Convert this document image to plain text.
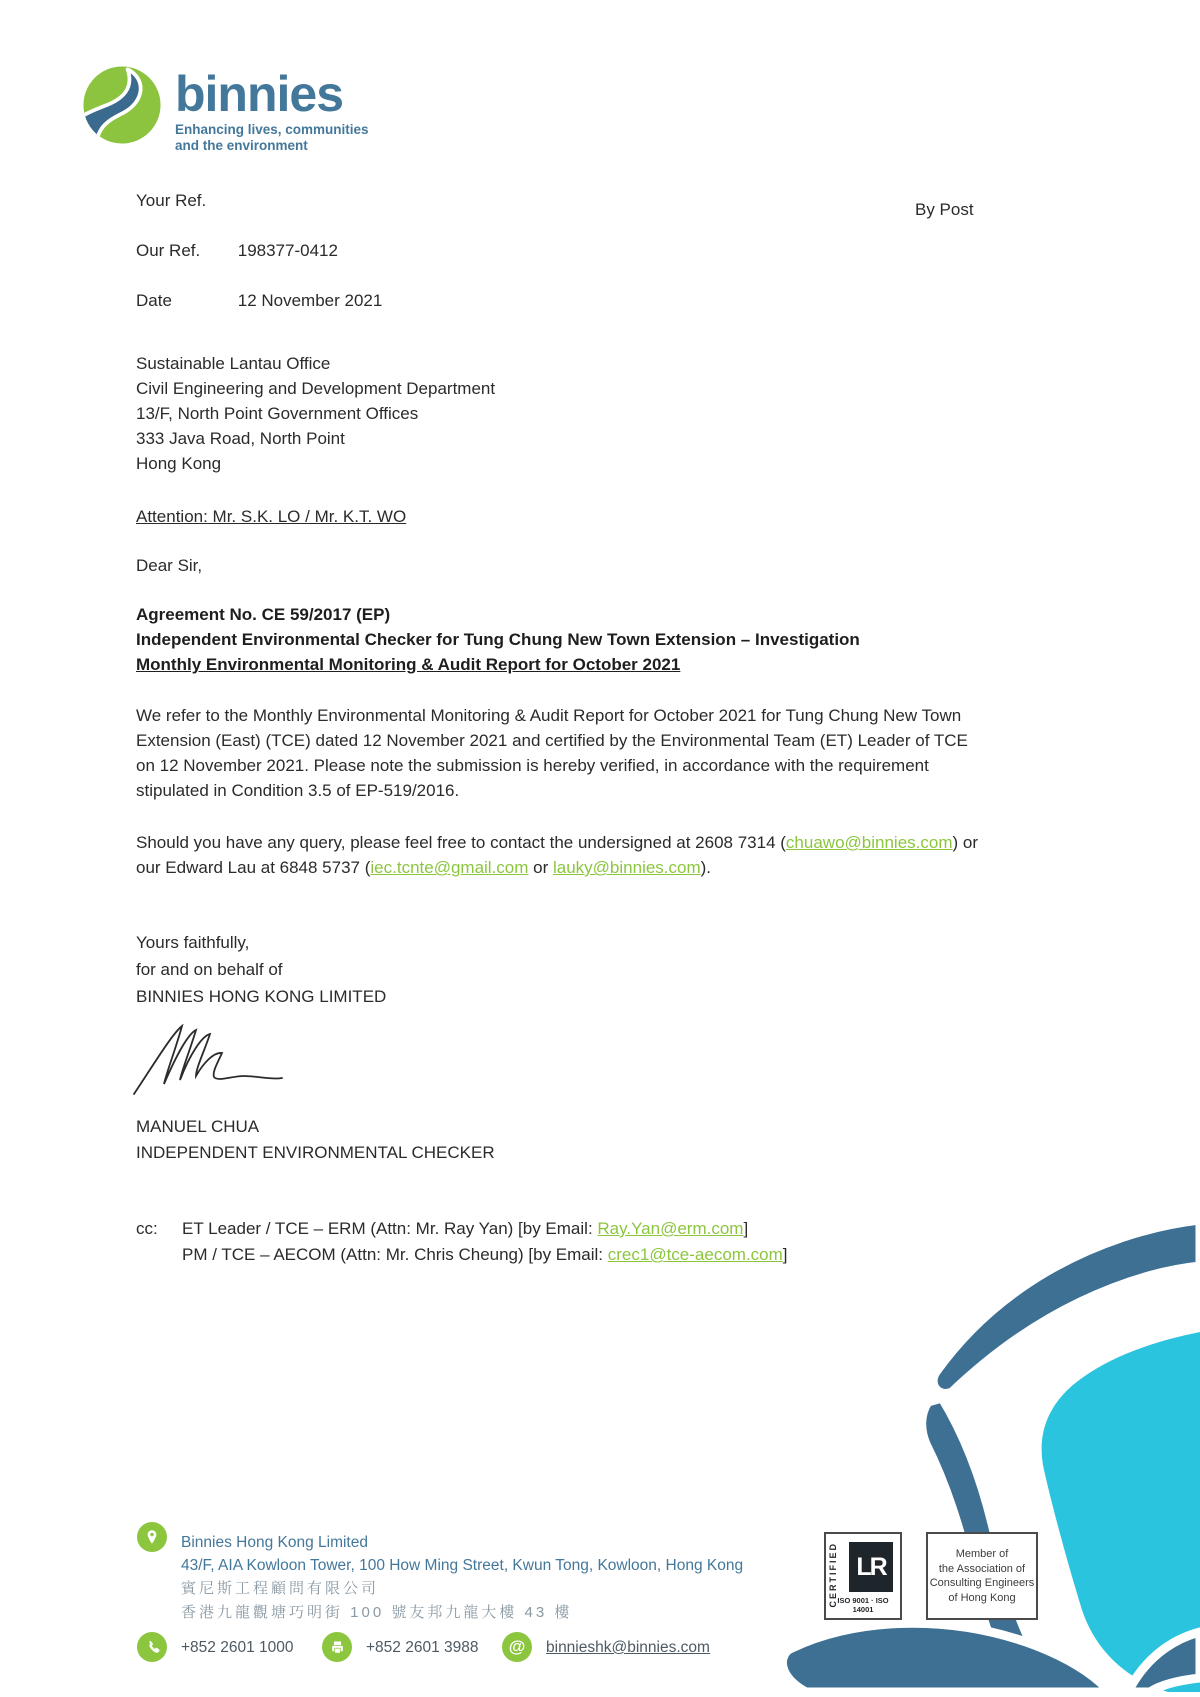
binnies
Enhancing lives, communities
and the environment
Your Ref.	By Post
Our Ref. 198377-0412
Date	12 November 2021
Sustainable Lantau Office
Civil Engineering and Development Department
13/F, North Point Government Offices
333 Java Road, North Point
Hong Kong
Attention: Mr. S.K. LO / Mr. K.T. WO
Dear Sir,
Agreement No. CE 59/2017 (EP)
Independent Environmental Checker for Tung Chung New Town Extension – Investigation
Monthly Environmental Monitoring & Audit Report for October 2021
We refer to the Monthly Environmental Monitoring & Audit Report for October 2021 for Tung Chung New Town Extension (East) (TCE) dated 12 November 2021 and certified by the Environmental Team (ET) Leader of TCE on 12 November 2021. Please note the submission is hereby verified, in accordance with the requirement stipulated in Condition 3.5 of EP-519/2016.
Should you have any query, please feel free to contact the undersigned at 2608 7314 (chuawo@binnies.com) or our Edward Lau at 6848 5737 (iec.tcnte@gmail.com or lauky@binnies.com).
Yours faithfully,
for and on behalf of
BINNIES HONG KONG LIMITED
MANUEL CHUA
INDEPENDENT ENVIRONMENTAL CHECKER
cc: ET Leader / TCE – ERM (Attn: Mr. Ray Yan) [by Email: Ray.Yan@erm.com]
PM / TCE – AECOM (Attn: Mr. Chris Cheung) [by Email: crec1@tce-aecom.com]
Binnies Hong Kong Limited
43/F, AIA Kowloon Tower, 100 How Ming Street, Kwun Tong, Kowloon, Hong Kong
賓尼斯工程顧問有限公司
香港九龍觀塘巧明街 100 號友邦九龍大樓 43 樓
+852 2601 1000	+852 2601 3988 @ binnieshk@binnies.com
CERTIFIED LR
ISO 9001 · ISO 14001
Member of
the Association of
Consulting Engineers
of Hong Kong
